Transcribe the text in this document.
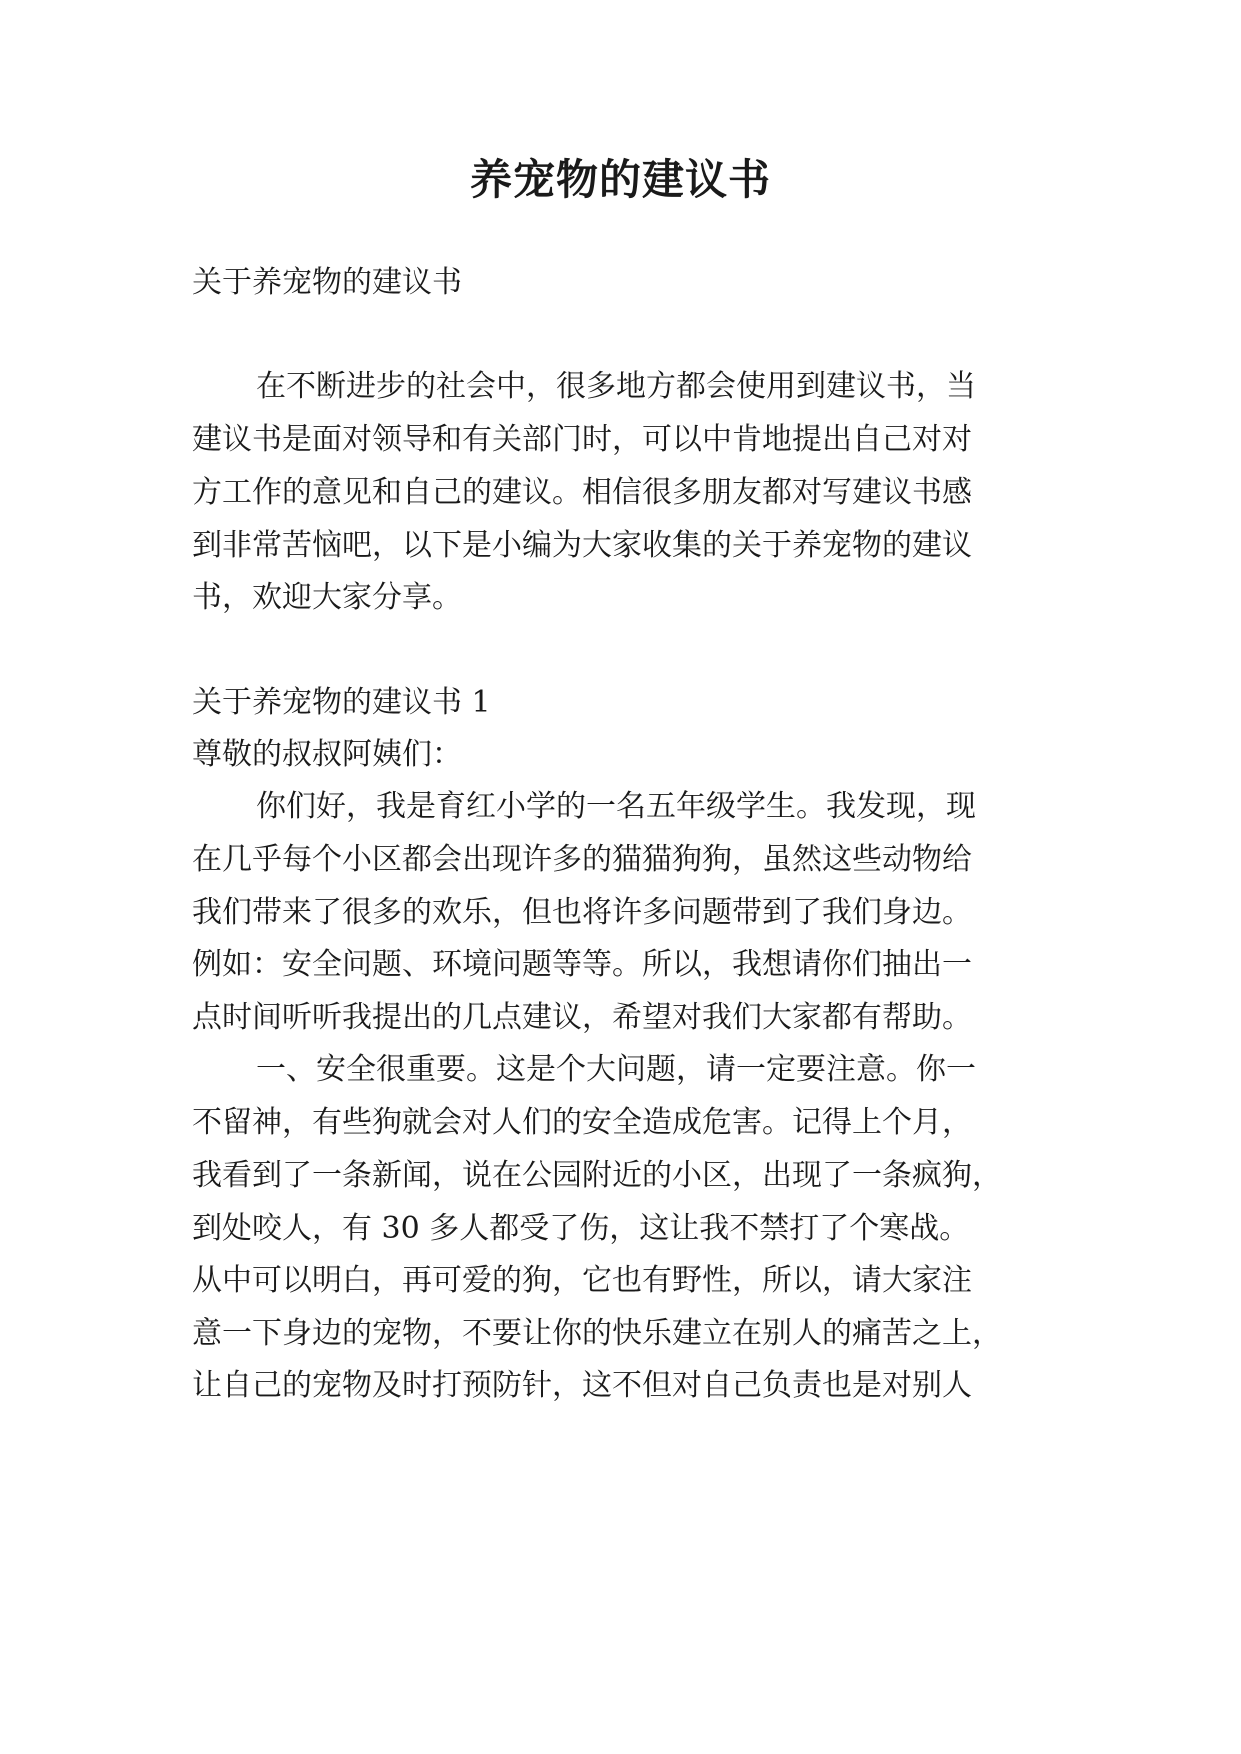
养宠物的建议书

关于养宠物的建议书

在不断进步的社会中，很多地方都会使用到建议书，当

建议书是面对领导和有关部门时，可以中肯地提出自己对对

方工作的意见和自己的建议。相信很多朋友都对写建议书感

到非常苦恼吧，以下是小编为大家收集的关于养宠物的建议

书，欢迎大家分享。

关于养宠物的建议书 1

尊敬的叔叔阿姨们：

你们好，我是育红小学的一名五年级学生。我发现，现

在几乎每个小区都会出现许多的猫猫狗狗，虽然这些动物给

我们带来了很多的欢乐，但也将许多问题带到了我们身边。

例如：安全问题、环境问题等等。所以，我想请你们抽出一

点时间听听我提出的几点建议，希望对我们大家都有帮助。

一、安全很重要。这是个大问题，请一定要注意。你一

不留神，有些狗就会对人们的安全造成危害。记得上个月，

我看到了一条新闻，说在公园附近的小区，出现了一条疯狗，

到处咬人，有 30 多人都受了伤，这让我不禁打了个寒战。

从中可以明白，再可爱的狗，它也有野性，所以，请大家注

意一下身边的宠物，不要让你的快乐建立在别人的痛苦之上，

让自己的宠物及时打预防针，这不但对自己负责也是对别人
